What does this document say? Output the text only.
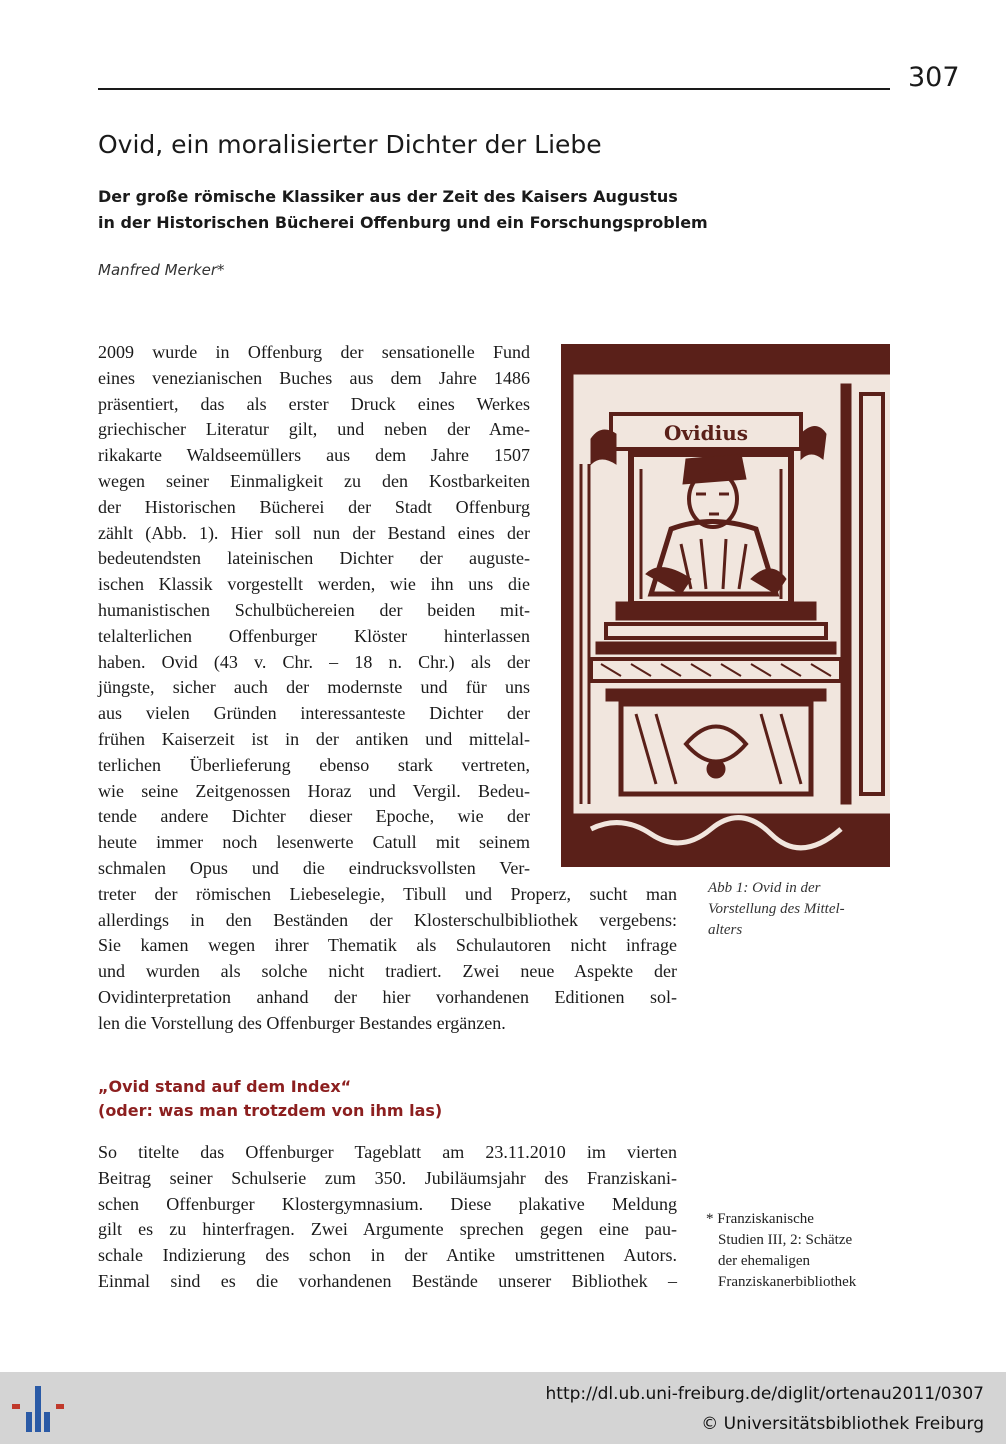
307
Ovid, ein moralisierter Dichter der Liebe
Der große römische Klassiker aus der Zeit des Kaisers Augustus
in der Historischen Bücherei Offenburg und ein Forschungsproblem
Manfred Merker*
2009 wurde in Offenburg der sensationelle Fund
eines venezianischen Buches aus dem Jahre 1486
präsentiert, das als erster Druck eines Werkes
griechischer Literatur gilt, und neben der Ame-
rikakarte Waldseemüllers aus dem Jahre 1507
wegen seiner Einmaligkeit zu den Kostbarkeiten
der Historischen Bücherei der Stadt Offenburg
zählt (Abb. 1). Hier soll nun der Bestand eines der
bedeutendsten lateinischen Dichter der auguste-
ischen Klassik vorgestellt werden, wie ihn uns die
humanistischen Schulbüchereien der beiden mit-
telalterlichen Offenburger Klöster hinterlassen
haben. Ovid (43 v. Chr. – 18 n. Chr.) als der
jüngste, sicher auch der modernste und für uns
aus vielen Gründen interessanteste Dichter der
frühen Kaiserzeit ist in der antiken und mittelal-
terlichen Überlieferung ebenso stark vertreten,
wie seine Zeitgenossen Horaz und Vergil. Bedeu-
tende andere Dichter dieser Epoche, wie der
heute immer noch lesenwerte Catull mit seinem
schmalen Opus und die eindrucksvollsten Ver-
treter der römischen Liebeselegie, Tibull und Properz, sucht man
allerdings in den Beständen der Klosterschulbibliothek vergebens:
Sie kamen wegen ihrer Thematik als Schulautoren nicht infrage
und wurden als solche nicht tradiert. Zwei neue Aspekte der
Ovidinterpretation anhand der hier vorhandenen Editionen sol-
len die Vorstellung des Offenburger Bestandes ergänzen.
Ovidius
Abb 1: Ovid in der
Vorstellung des Mittel-
alters
„Ovid stand auf dem Index“
(oder: was man trotzdem von ihm las)
So titelte das Offenburger Tageblatt am 23.11.2010 im vierten
Beitrag seiner Schulserie zum 350. Jubiläumsjahr des Franziskani-
schen Offenburger Klostergymnasium. Diese plakative Meldung
gilt es zu hinterfragen. Zwei Argumente sprechen gegen eine pau-
schale Indizierung des schon in der Antike umstrittenen Autors.
Einmal sind es die vorhandenen Bestände unserer Bibliothek –
* Franziskanische
Studien III, 2: Schätze
der ehemaligen
Franziskanerbibliothek
http://dl.ub.uni-freiburg.de/diglit/ortenau2011/0307
© Universitätsbibliothek Freiburg
